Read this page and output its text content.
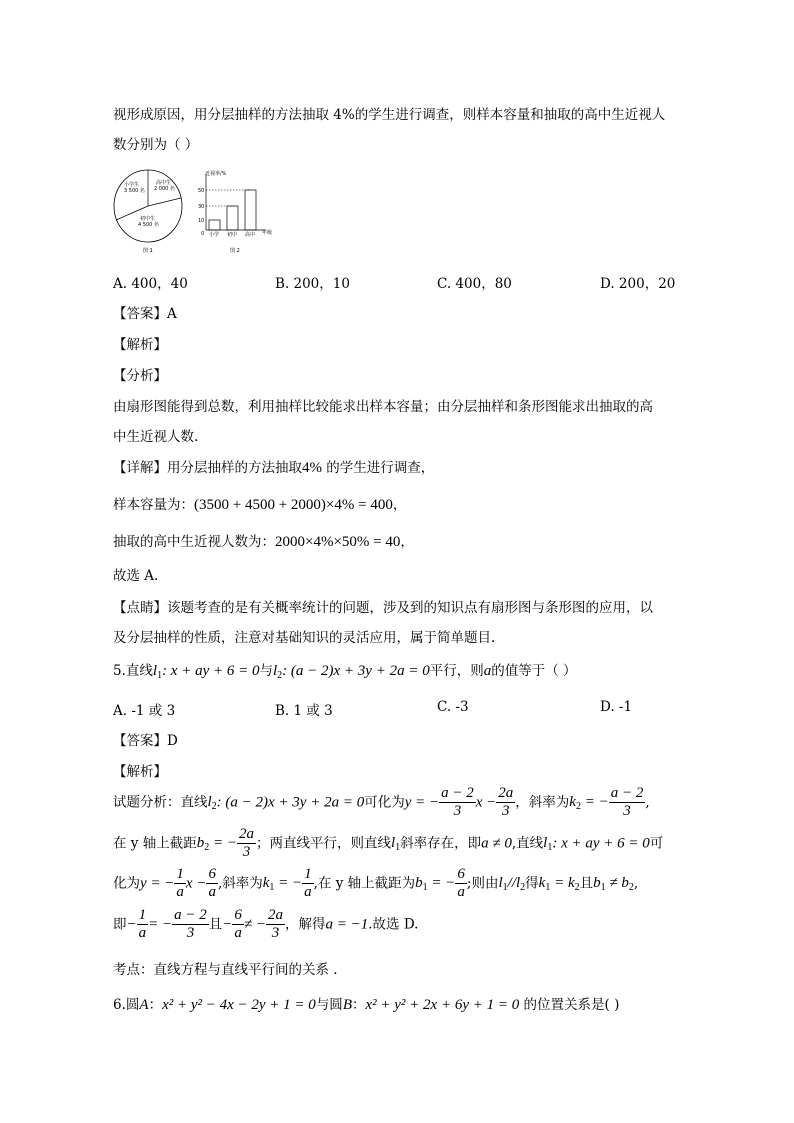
视形成原因，用分层抽样的方法抽取 4%的学生进行调查，则样本容量和抽取的高中生近视人
数分别为（ ）
小学生
3 500 名
高中生
2 000 名
初中生
4 500 名
图 1
近视率/%
50
30
10
0 小学 初中 高中 年级
图 2
A. 400，40	B. 200，10	C. 400，80	D. 200，20
【答案】A
【解析】
【分析】
由扇形图能得到总数，利用抽样比较能求出样本容量；由分层抽样和条形图能求出抽取的高
中生近视人数.
【详解】用分层抽样的方法抽取4% 的学生进行调查，
样本容量为：(3500 + 4500 + 2000)×4% = 400，
抽取的高中生近视人数为：2000×4%×50% = 40，
故选 A.
【点睛】该题考查的是有关概率统计的问题，涉及到的知识点有扇形图与条形图的应用，以
及分层抽样的性质，注意对基础知识的灵活应用，属于简单题目.
5.直线$l_1$: x + ay + 6 = 0与$l_2$: (a − 2)x + 3y + 2a = 0平行，则a的值等于（ ）
A. -1 或 3	B. 1 或 3	C. -3	D. -1
【答案】D
【解析】
试题分析：直线$l_2$: (a − 2)x + 3y + 2a = 0可化为y = − $\frac{a - 2}{3}$ $x - \frac{2a}{3}$ ，斜率为$k_2$ = − $\frac{a - 2}{3}$ ,
在 y 轴上截距$b_2$ = − $\frac{2a}{3}$ ；两直线平行，则直线$l_1$斜率存在，即a ≠ 0,直线$l_1$: x + ay + 6 = 0可
化为y = − $\frac{1}{a}$ $x - \frac{6}{a}$ ,斜率为$k_1$ = − $\frac{1}{a}$ ,在 y 轴上截距为$b_1$ = − $\frac{6}{a}$ ;则由$l_1//l_2$得$k_1 = k_2$且$b_1 \ne b_2$,
即− $\frac{1}{a}$ = − $\frac{a - 2}{3}$ 且− $\frac{6}{a}$ ≠ − $\frac{2a}{3}$ ，解得a = −1.故选 D.
考点：直线方程与直线平行间的关系 .
6.圆A：x² + y² − 4x − 2y + 1 = 0与圆B：x² + y² + 2x + 6y + 1 = 0 的位置关系是( )
